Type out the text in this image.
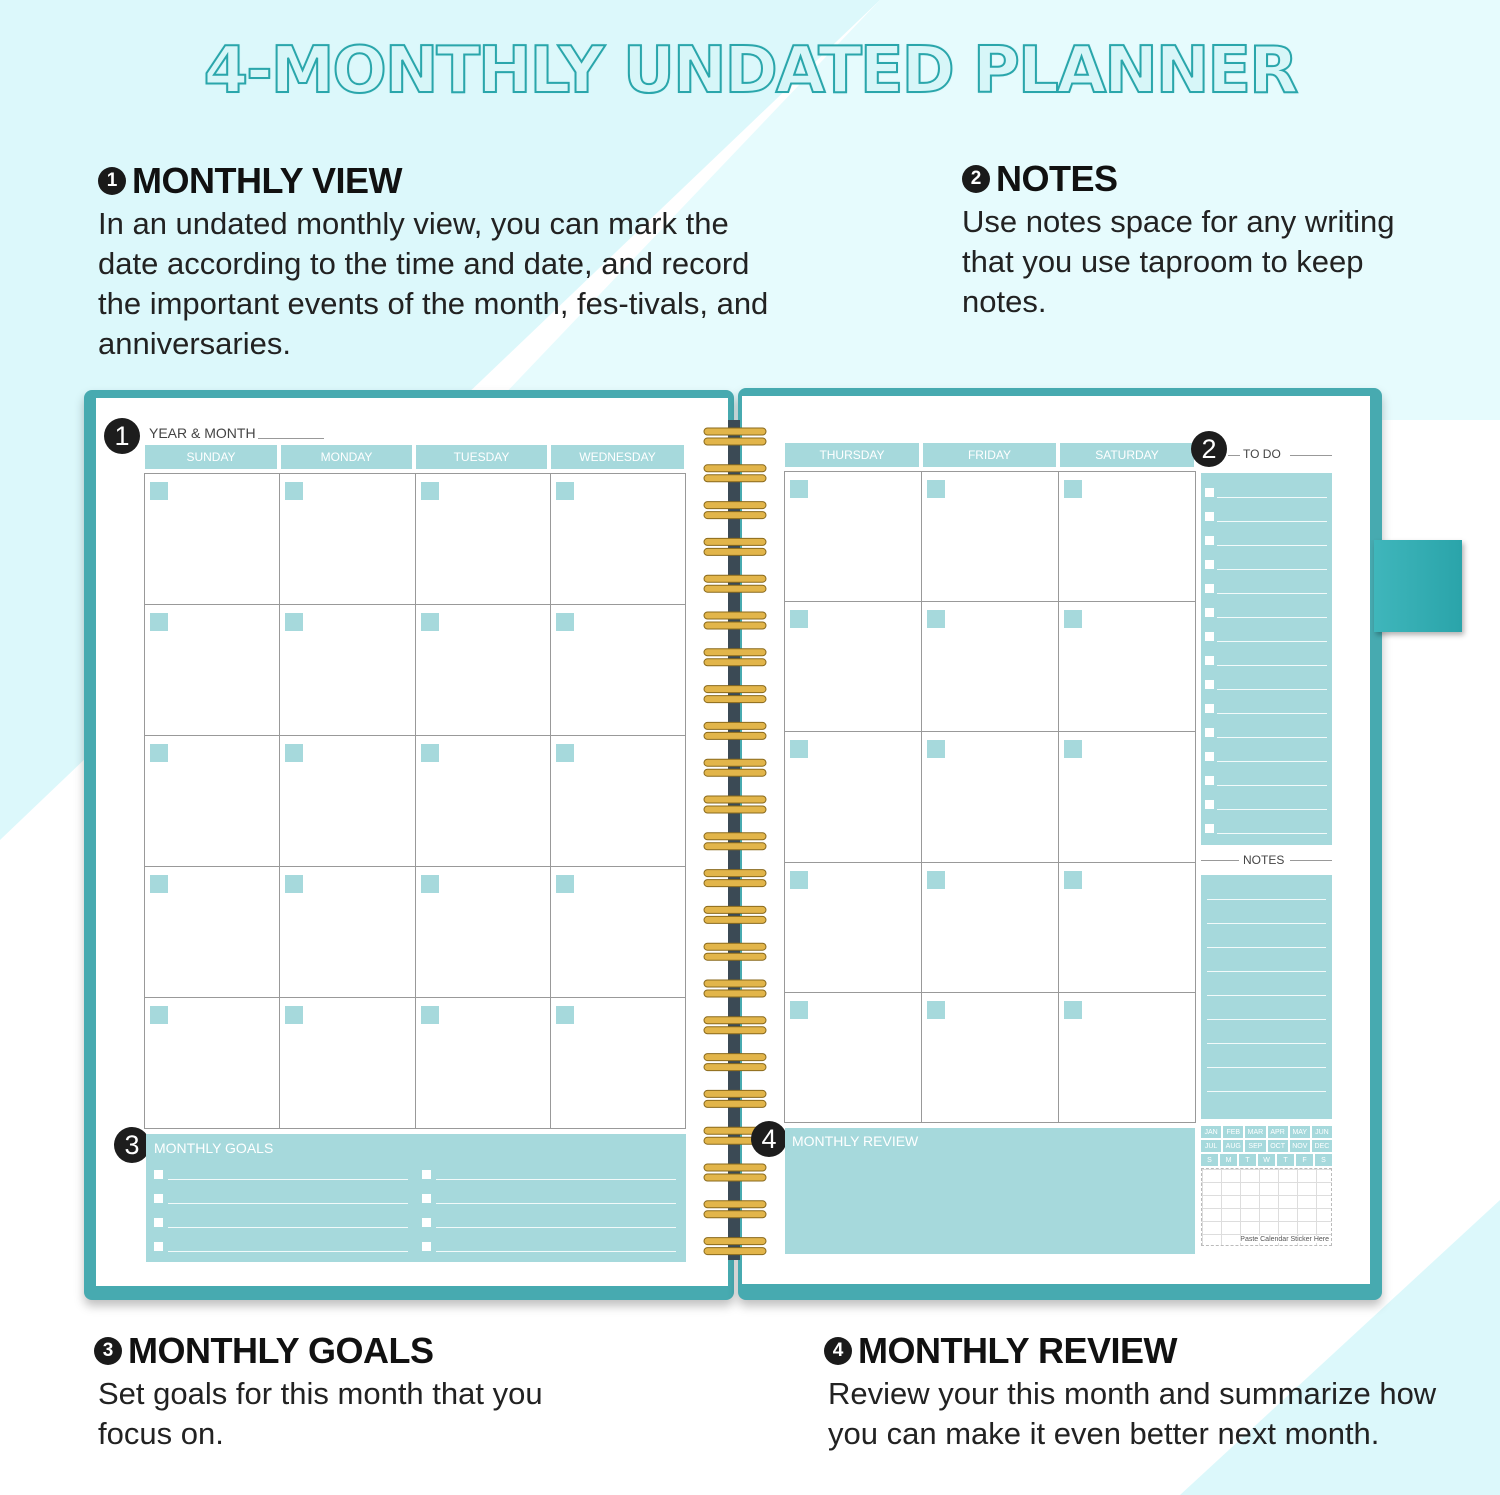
4-MONTHLY UNDATED PLANNER
1 MONTHLY VIEW
In an undated monthly view, you can mark the date according to the time and date, and record the important events of the month, fes-tivals, and anniversaries.
2 NOTES
Use notes space for any writing that you use taproom to keep notes.
1	YEAR & MONTH
SUNDAY	MONDAY	TUESDAY	WEDNESDAY
3	MONTHLY GOALS
THURSDAY	FRIDAY	SATURDAY	2	TO DO
NOTES
4	MONTHLY REVIEW
JAN	FEB	MAR	APR	MAY	JUN
JUL	AUG	SEP	OCT	NOV	DEC
S	M	T	W	T	F	S
Paste Calendar Sticker Here
3 MONTHLY GOALS
Set goals for this month that you focus on.
4 MONTHLY REVIEW
Review your this month and summarize how you can make it even better next month.
